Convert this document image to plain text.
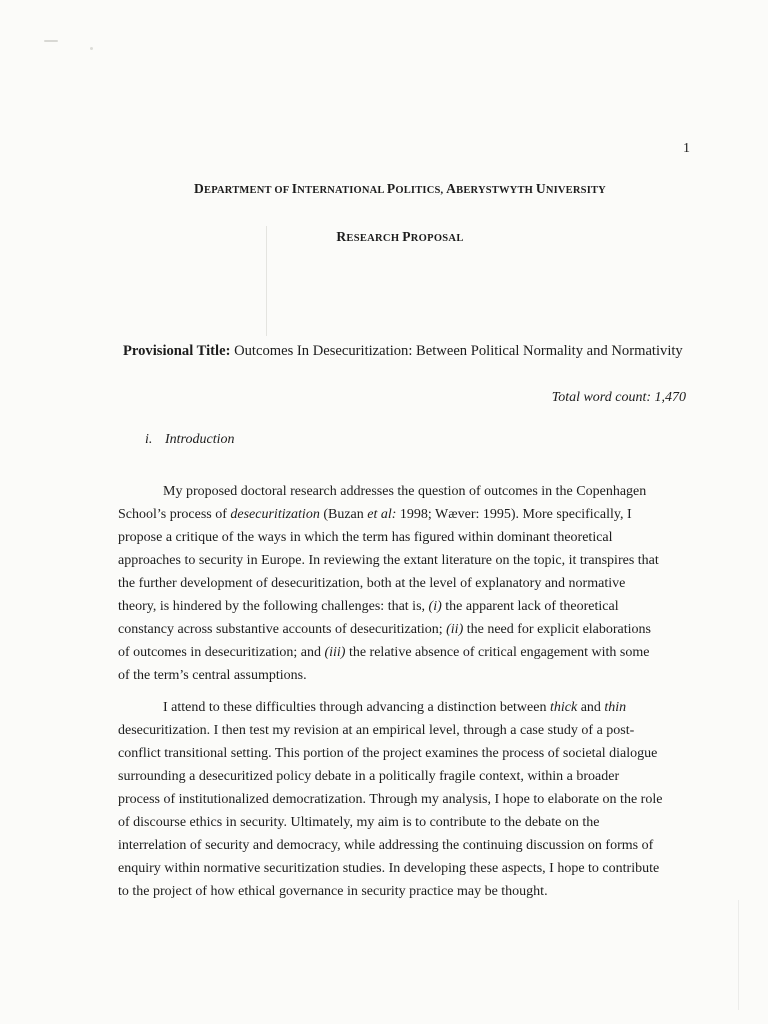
1
DEPARTMENT OF INTERNATIONAL POLITICS, ABERYSTWYTH UNIVERSITY
RESEARCH PROPOSAL
Provisional Title: Outcomes In Desecuritization: Between Political Normality and Normativity
Total word count: 1,470
i. Introduction
My proposed doctoral research addresses the question of outcomes in the Copenhagen
School’s process of desecuritization (Buzan et al: 1998; Wæver: 1995). More specifically, I
propose a critique of the ways in which the term has figured within dominant theoretical
approaches to security in Europe. In reviewing the extant literature on the topic, it transpires that
the further development of desecuritization, both at the level of explanatory and normative
theory, is hindered by the following challenges: that is, (i) the apparent lack of theoretical
constancy across substantive accounts of desecuritization; (ii) the need for explicit elaborations
of outcomes in desecuritization; and (iii) the relative absence of critical engagement with some
of the term’s central assumptions.
I attend to these difficulties through advancing a distinction between thick and thin
desecuritization. I then test my revision at an empirical level, through a case study of a post-
conflict transitional setting. This portion of the project examines the process of societal dialogue
surrounding a desecuritized policy debate in a politically fragile context, within a broader
process of institutionalized democratization. Through my analysis, I hope to elaborate on the role
of discourse ethics in security. Ultimately, my aim is to contribute to the debate on the
interrelation of security and democracy, while addressing the continuing discussion on forms of
enquiry within normative securitization studies. In developing these aspects, I hope to contribute
to the project of how ethical governance in security practice may be thought.
